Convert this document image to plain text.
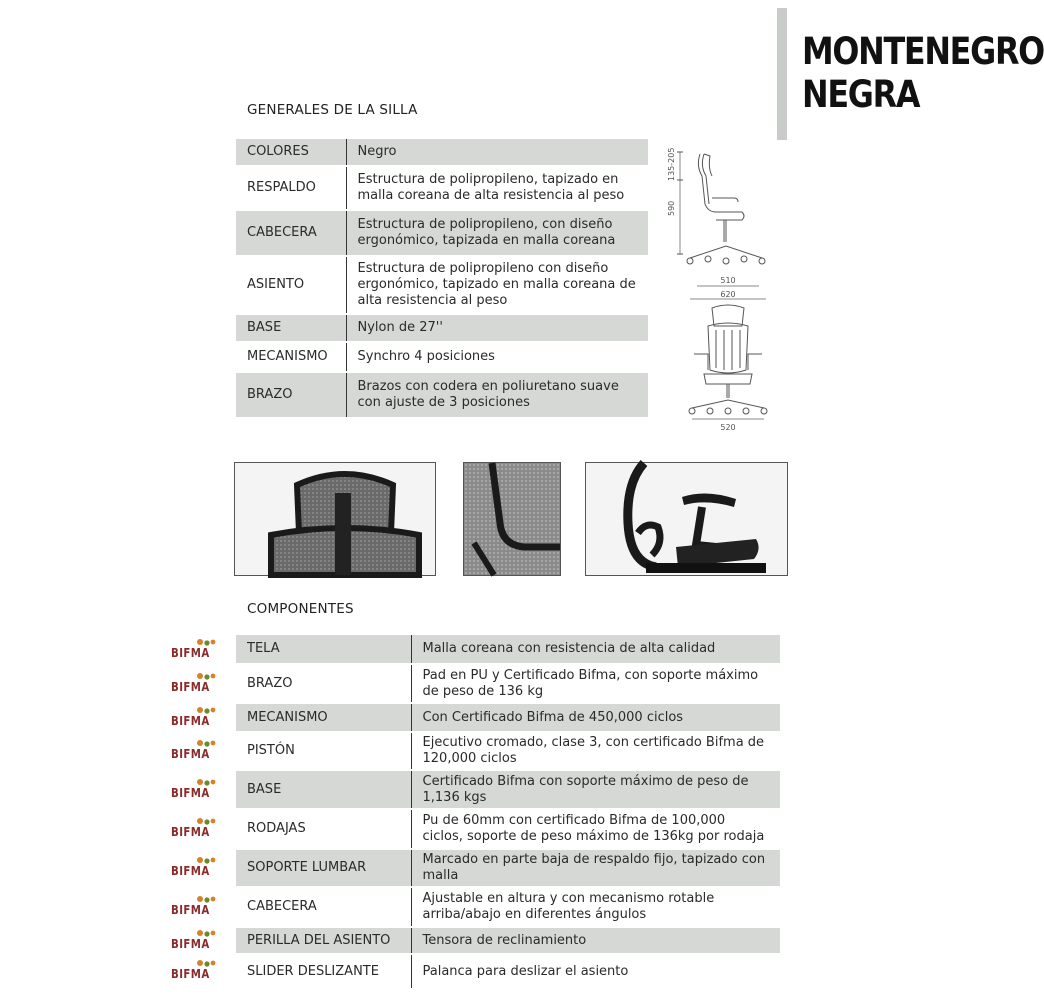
MONTENEGRO
NEGRA
GENERALES DE LA SILLA
COLORES	Negro
RESPALDO	Estructura de polipropileno, tapizado en malla coreana de alta resistencia al peso
CABECERA	Estructura de polipropileno, con diseño ergonómico, tapizada en malla coreana
ASIENTO	Estructura de polipropileno con diseño ergonómico, tapizado en malla coreana de alta resistencia al peso
BASE	Nylon de 27''
MECANISMO	Synchro 4 posiciones
BRAZO	Brazos con codera en poliuretano suave con ajuste de 3 posiciones
590
135-205
510
620
520
COMPONENTES
TELA	Malla coreana con resistencia de alta calidad
BRAZO	Pad en PU y Certificado Bifma, con soporte máximo de peso de 136 kg
MECANISMO	Con Certificado Bifma de 450,000 ciclos
PISTÓN	Ejecutivo cromado, clase 3, con certificado Bifma de 120,000 ciclos
BASE	Certificado Bifma con soporte máximo de peso de 1,136 kgs
RODAJAS	Pu de 60mm con certificado Bifma de 100,000 ciclos, soporte de peso máximo de 136kg por rodaja
SOPORTE LUMBAR	Marcado en parte baja de respaldo fijo, tapizado con malla
CABECERA	Ajustable en altura y con mecanismo rotable arriba/abajo en diferentes ángulos
PERILLA DEL ASIENTO	Tensora de reclinamiento
SLIDER DESLIZANTE	Palanca para deslizar el asiento
BIFMA
BIFMA
BIFMA
BIFMA
BIFMA
BIFMA
BIFMA
BIFMA
BIFMA
BIFMA
